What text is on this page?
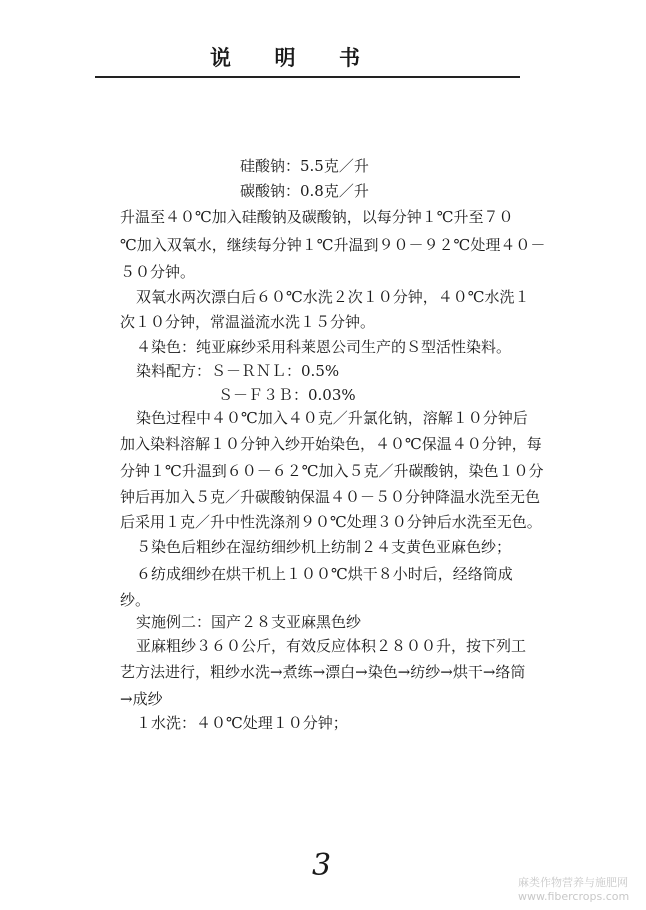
说 明 书
硅酸钠：5.5克／升
碳酸钠：0.8克／升
升温至４０℃加入硅酸钠及碳酸钠，以每分钟１℃升至７０
℃加入双氧水，继续每分钟１℃升温到９０－９２℃处理４０－
５０分钟。
双氧水两次漂白后６０℃水洗２次１０分钟，４０℃水洗１
次１０分钟，常温溢流水洗１５分钟。
４染色：纯亚麻纱采用科莱恩公司生产的Ｓ型活性染料。
染料配方：Ｓ－ＲＮＬ：0.5%
Ｓ－Ｆ３Ｂ：0.03%
染色过程中４０℃加入４０克／升氯化钠，溶解１０分钟后
加入染料溶解１０分钟入纱开始染色，４０℃保温４０分钟，每
分钟１℃升温到６０－６２℃加入５克／升碳酸钠，染色１０分
钟后再加入５克／升碳酸钠保温４０－５０分钟降温水洗至无色
后采用１克／升中性洗涤剂９０℃处理３０分钟后水洗至无色。
５染色后粗纱在湿纺细纱机上纺制２４支黄色亚麻色纱；
６纺成细纱在烘干机上１００℃烘干８小时后，经络筒成
纱。
实施例二：国产２８支亚麻黑色纱
亚麻粗纱３６０公斤，有效反应体积２８００升，按下列工
艺方法进行，粗纱水洗→煮练→漂白→染色→纺纱→烘干→络筒
→成纱
１水洗：４０℃处理１０分钟；
3	麻类作物营养与施肥网
www.fibercrops.com
